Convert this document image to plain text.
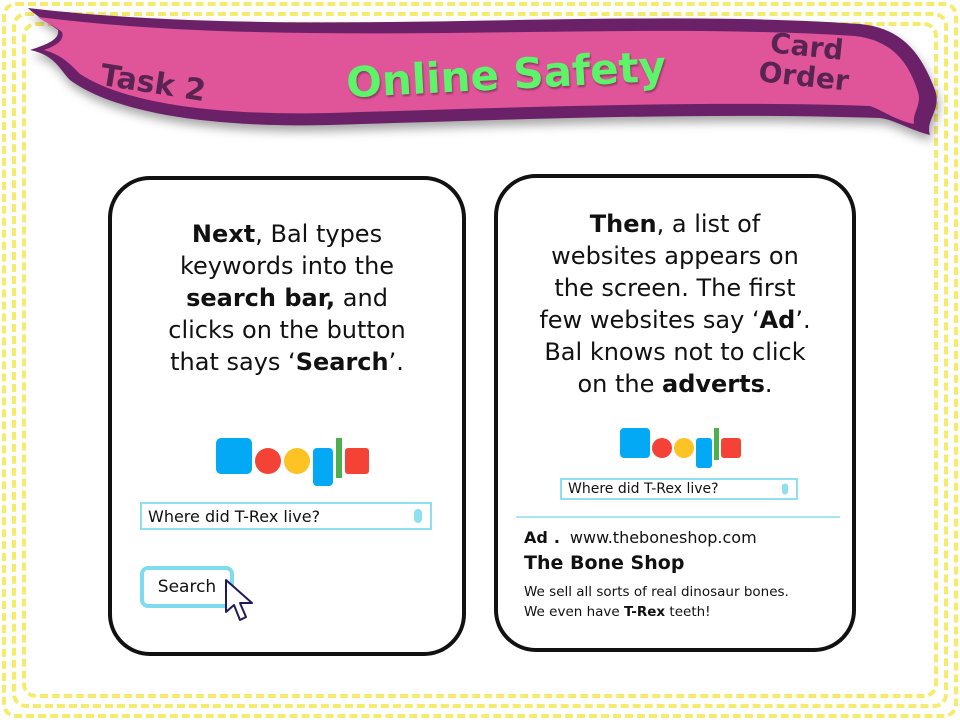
Task 2	Online Safety	Card
Order
Next, Bal types keywords into the search bar, and clicks on the button that says ‘Search’.
Where did T-Rex live?
Search
Then, a list of websites appears on the screen. The first few websites say ‘Ad’. Bal knows not to click on the adverts.
Where did T-Rex live?
Ad . www.theboneshop.com
The Bone Shop
We sell all sorts of real dinosaur bones.
We even have T-Rex teeth!
